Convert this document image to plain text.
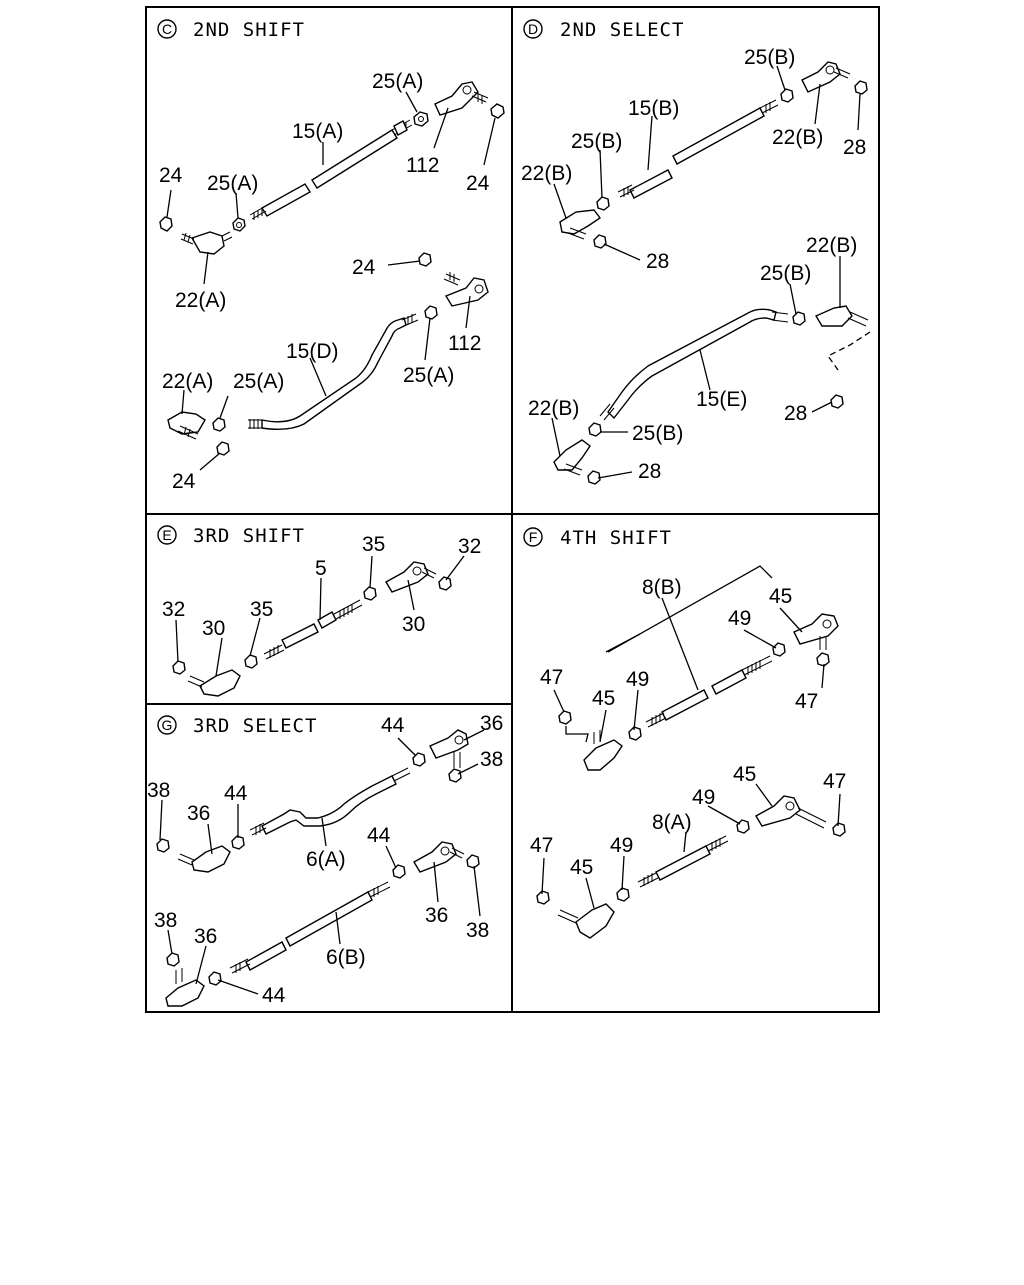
C 2ND SHIFT
25(A)
15(A)
112
24
24 25(A)
22(A)
24
15(D)	112
22(A) 25(A)	25(A)
24
D 2ND SELECT
25(B)
15(B)
22(B) 28
25(B)
22(B)
28
22(B)
25(B)
15(E)
28
22(B)
25(B)
28
E 3RD SHIFT	35	32
5
32	35
30	30
F 4TH SHIFT
8(B)	45
49
47
45
49
47
45
49
47
8(A)
47
45
49
G 3RD SELECT	44	36
38
38
36
44
6(A)
44
36
38
38
36
6(B)
44
